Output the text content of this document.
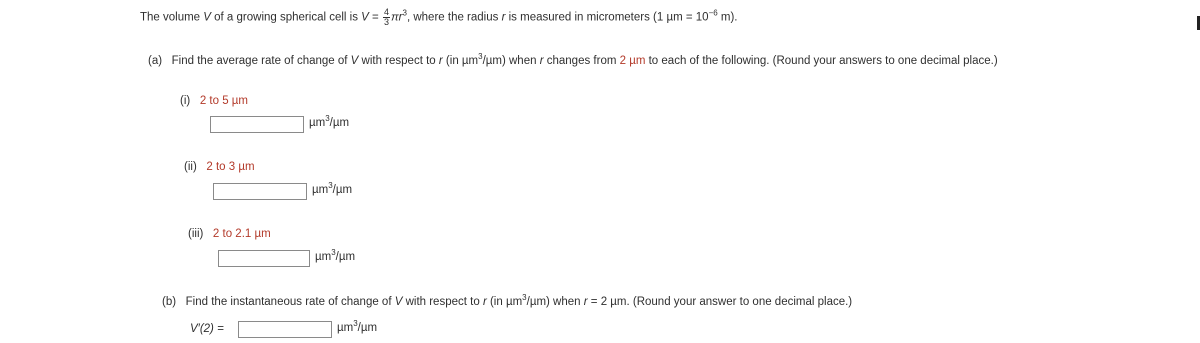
The volume V of a growing spherical cell is $V = \frac{4}{3} \pi r^3$, where the radius r is measured in micrometers (1 $\mu m = 10^{-6}$ m).
(a) Find the average rate of change of V with respect to r (in µm$^3$/µm) when r changes from 2 µm to each of the following. (Round your answers to one decimal place.)
(i) 2 to 5 µm
µm$^3$/µm
(ii) 2 to 3 µm
µm$^3$/µm
(iii) 2 to 2.1 µm
µm$^3$/µm
(b) Find the instantaneous rate of change of V with respect to r (in µm$^3$/µm) when r = 2 µm. (Round your answer to one decimal place.)
V′(2) =	µm$^3$/µm
